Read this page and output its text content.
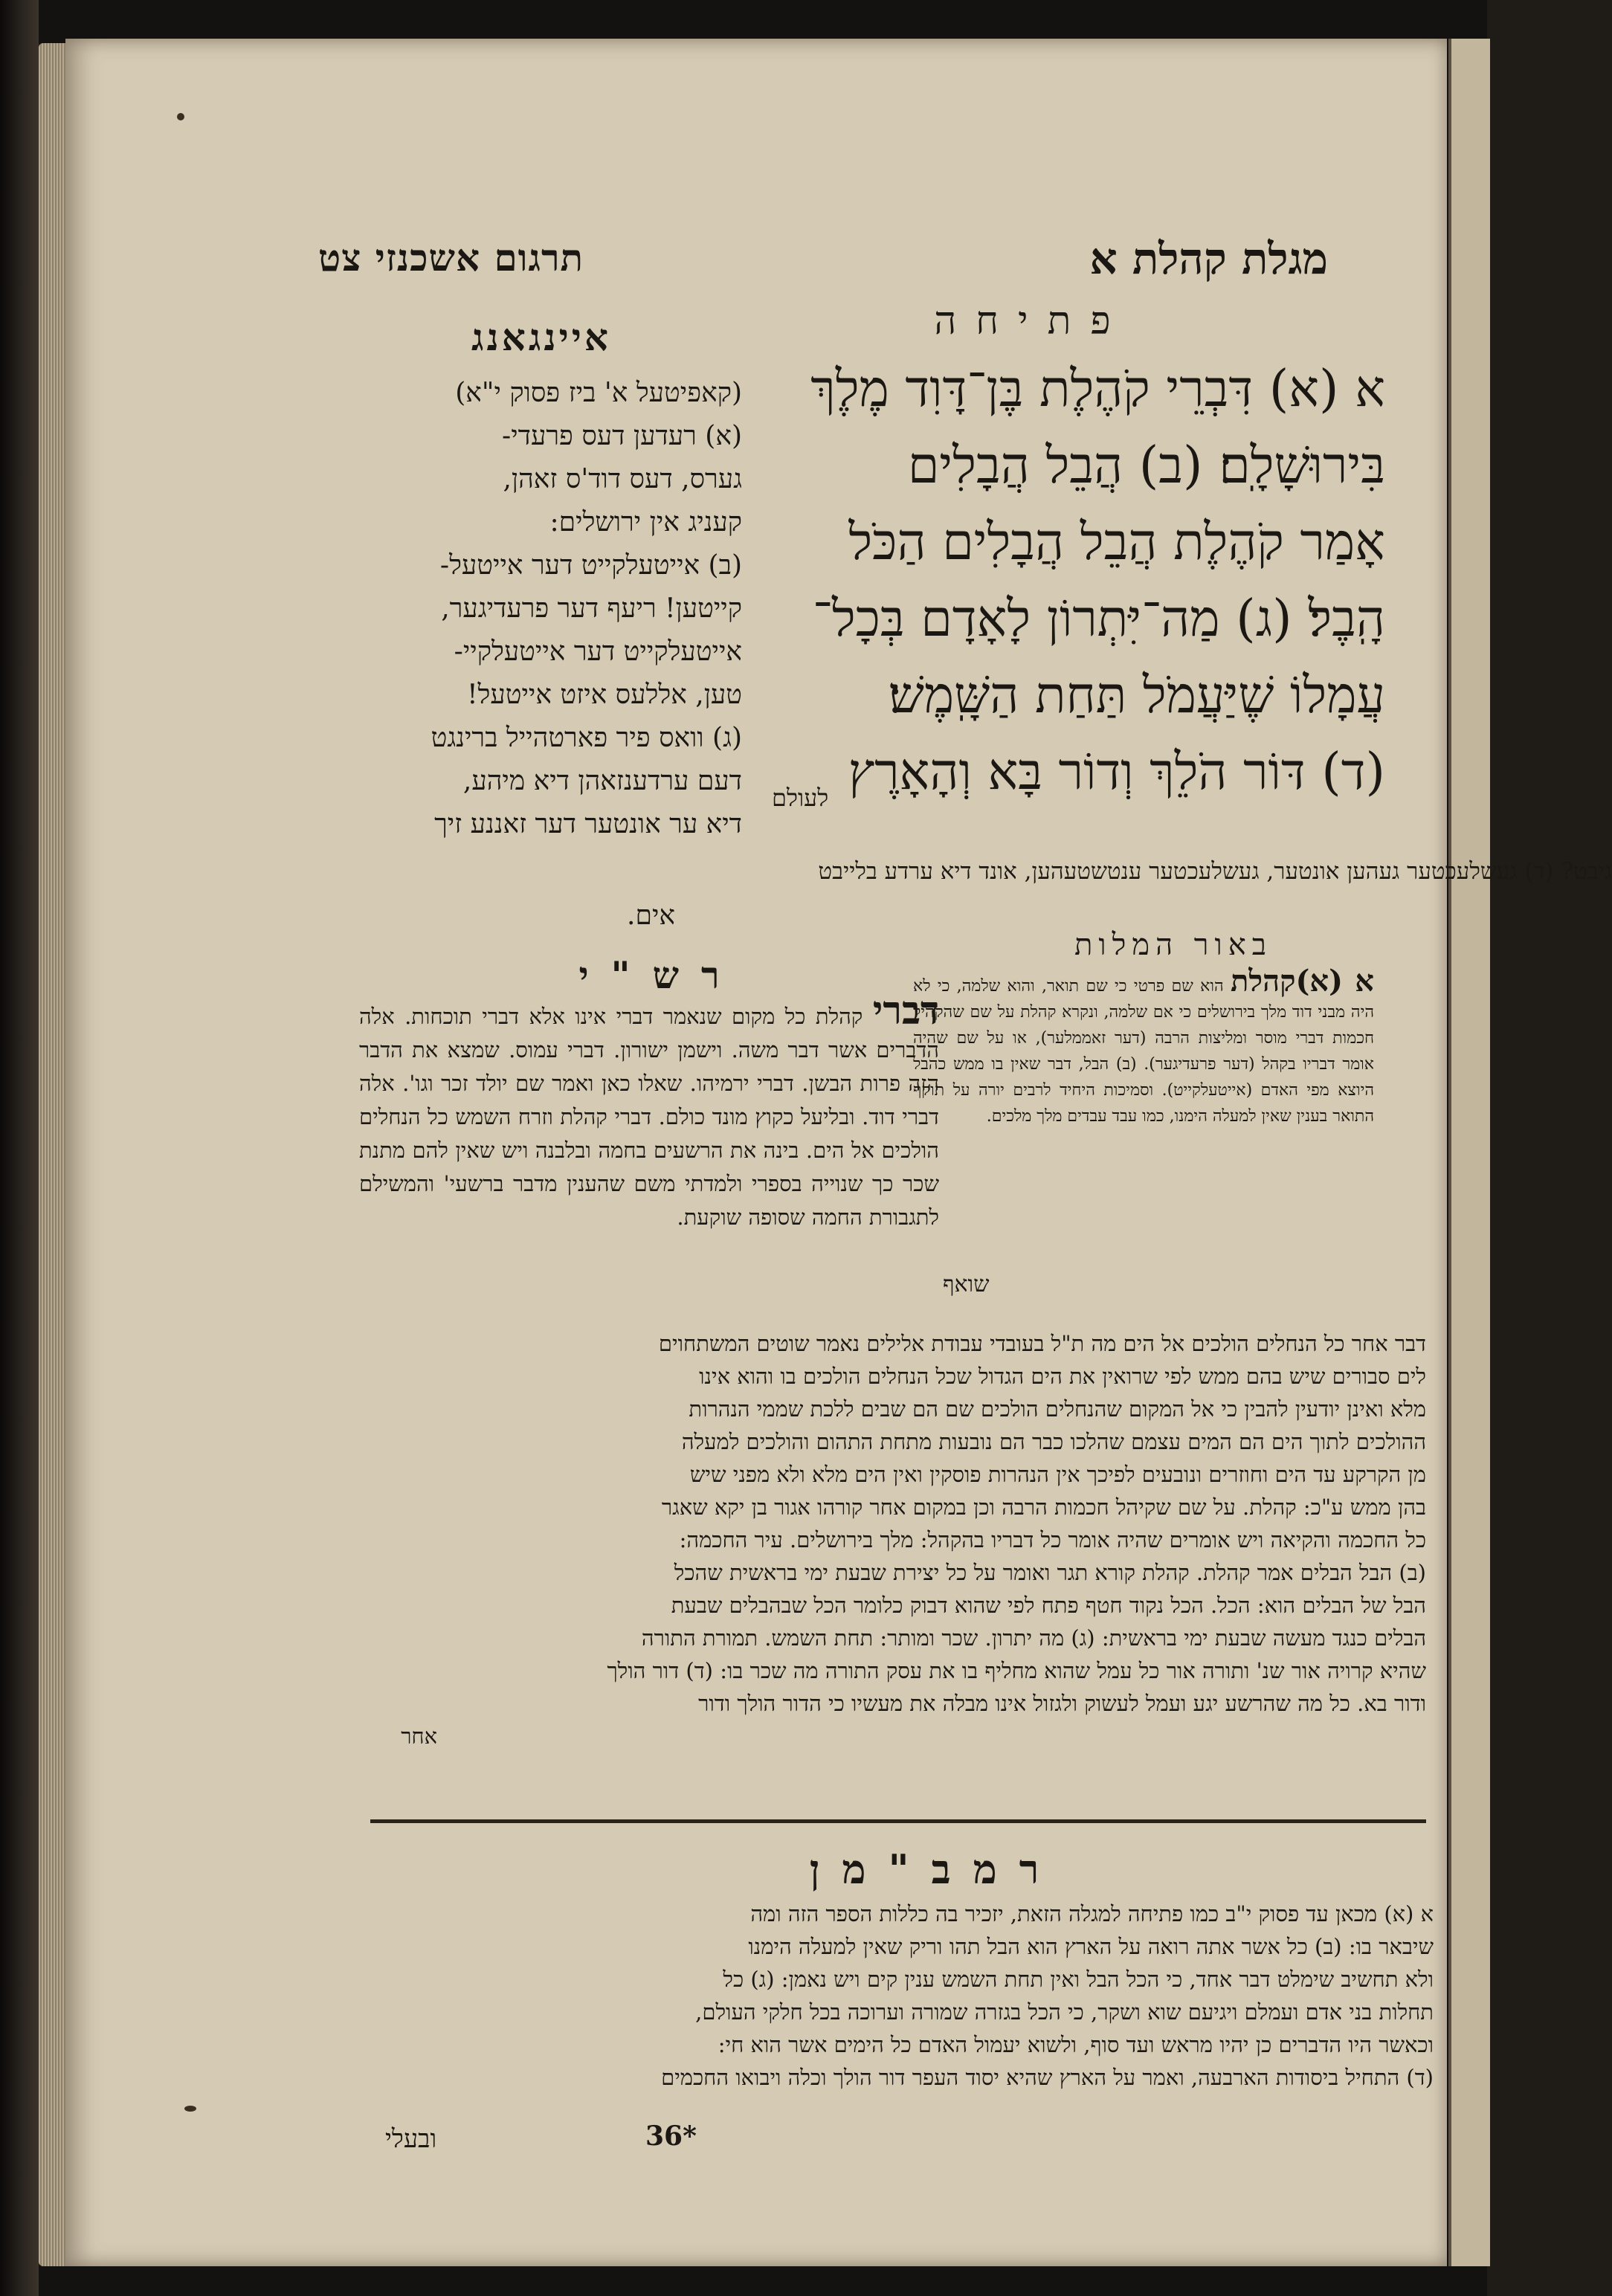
תרגום אשכנזי צט	מגלת קהלת א
פתיחה
איינגאנג
א (א) דִּבְרֵי קֹהֶלֶת בֶּן־דָּוִד מֶלֶךְ
בִּירוּשָׁלָֽם׃ (ב) הֲבֵל הֲבָלִים
אָמַר קֹהֶלֶת הֲבֵל הֲבָלִים הַכֹּל
הָֽבֶל׃ (ג) מַה־יִּתְרוֹן לָאָדָם בְּכָל־
עֲמָלוֹ שֶׁיַּעֲמֹל תַּחַת הַשָּֽׁמֶשׁ׃
(ד) דּוֹר הֹלֵךְ וְדוֹר בָּא וְהָאָרֶץ
לעולם
(קאפיטעל א' ביז פסוק י"א)
(א) רעדען דעס פרעדי-
גערס, דעס דוד'ס זאהן,
קעניג אין ירושלים:
(ב) אייטעלקייט דער אייטעל-
קייטען! ריעף דער פרעדיגער,
אייטעלקייט דער אייטעלקיי-
טען, אללעס איזט אייטעל!
(ג) וואס פיר פארטהייל ברינגט
דעם ערדענזאהן דיא מיהע,
דיא ער אונטער דער זאננע זיך
גיבט? (ד) געשלעכטער געהען אונטער, געשלעכטער ענטשטעהען, אונד דיא ערדע בלייבט
אים.
באור המלות
רש"י	א (א)קהלת הוא שם פרטי כי שם תואר, והוא שלמה, כי לא היה מבני דוד מלך בירושלים כי אם שלמה, ונקרא קהלת על שם שהקהיל חכמות דברי מוסר ומליצות הרבה (דער זאממלער), או על שם שהיה אומר דבריו בקהל (דער פרעדיגער). (ב) הבל, דבר שאין בו ממש כהבל היוצא מפי האדם (אייטעלקייט). וסמיכות היחיד לרבים יורה על תוקף התואר בענין שאין למעלה הימנו, כמו עבד עבדים מלך מלכים.
שואף
דברי קהלת כל מקום שנאמר דברי אינו אלא דברי תוכחות. אלה הדברים אשר דבר משה. וישמן ישורון. דברי עמוס. שמצא את הדבר הזה פרות הבשן. דברי ירמיהו. שאלו כאן ואמר שם יולד זכר וגו'. אלה דברי דוד. ובליעל כקוץ מונד כולם. דברי קהלת וזרח השמש כל הנחלים הולכים אל הים. בינה את הרשעים בחמה ובלבנה ויש שאין להם מתנת שכר כך שנוייה בספרי ולמדתי משם שהענין מדבר ברשעי' והמשילם לתגבורת החמה שסופה שוקעת.
דבר אחר כל הנחלים הולכים אל הים מה ת"ל בעובדי עבודת אלילים נאמר שוטים המשתחוים
לים סבורים שיש בהם ממש לפי שרואין את הים הגדול שכל הנחלים הולכים בו והוא אינו
מלא ואינן יודעין להבין כי אל המקום שהנחלים הולכים שם הם שבים ללכת שממי הנהרות
ההולכים לתוך הים הם המים עצמם שהלכו כבר הם נובעות מתחת התהום והולכים למעלה
מן הקרקע עד הים וחוזרים ונובעים לפיכך אין הנהרות פוסקין ואין הים מלא ולא מפני שיש
בהן ממש ע"כ: קהלת. על שם שקיהל חכמות הרבה וכן במקום אחר קורהו אגור בן יקא שאגר
כל החכמה והקיאה ויש אומרים שהיה אומר כל דבריו בהקהל: מלך בירושלים. עיר החכמה:
(ב) הבל הבלים אמר קהלת. קהלת קורא תגר ואומר על כל יצירת שבעת ימי בראשית שהכל
הבל של הבלים הוא: הכל. הכל נקוד חטף פתח לפי שהוא דבוק כלומר הכל שבהבלים שבעת
הבלים כנגד מעשה שבעת ימי בראשית: (ג) מה יתרון. שכר ומותר: תחת השמש. תמורת התורה
שהיא קרויה אור שנ' ותורה אור כל עמל שהוא מחליף בו את עסק התורה מה שכר בו: (ד) דור הולך
ודור בא. כל מה שהרשע יגע ועמל לעשוק ולגזול אינו מבלה את מעשיו כי הדור הולך ודור
אחר
רמב"מן
א (א) מכאן עד פסוק י"ב כמו פתיחה למגלה הזאת, יזכיר בה כללות הספר הזה ומה
שיבאר בו: (ב) כל אשר אתה רואה על הארץ הוא הבל תהו וריק שאין למעלה הימנו
ולא תחשיב שימלט דבר אחד, כי הכל הבל ואין תחת השמש ענין קים ויש נאמן: (ג) כל
תחלות בני אדם ועמלם ויגיעם שוא ושקר, כי הכל בגזרה שמורה וערוכה בכל חלקי העולם,
וכאשר היו הדברים כן יהיו מראש ועד סוף, ולשוא יעמול האדם כל הימים אשר הוא חי:
(ד) התחיל ביסודות הארבעה, ואמר על הארץ שהיא יסוד העפר דור הולך וכלה ויבואו החכמים
36*
ובעלי
